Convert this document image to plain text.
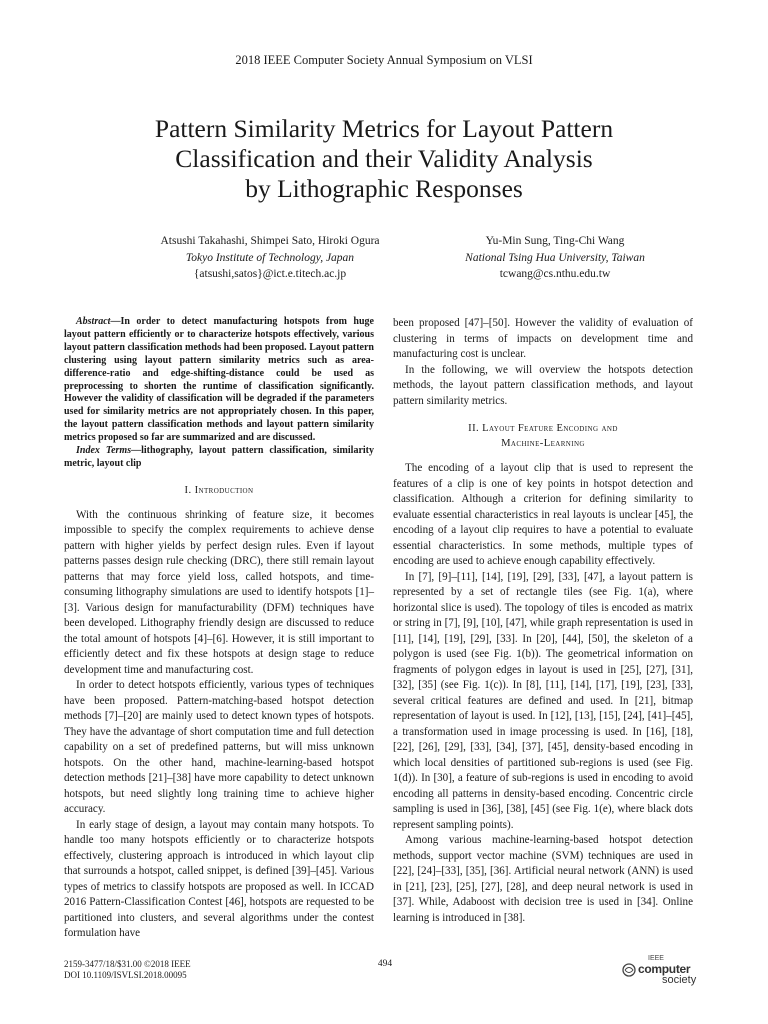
2018 IEEE Computer Society Annual Symposium on VLSI
Pattern Similarity Metrics for Layout Pattern
Classification and their Validity Analysis
by Lithographic Responses
Atsushi Takahashi, Shimpei Sato, Hiroki Ogura
Tokyo Institute of Technology, Japan
{atsushi,satos}@ict.e.titech.ac.jp
Yu-Min Sung, Ting-Chi Wang
National Tsing Hua University, Taiwan
tcwang@cs.nthu.edu.tw

Abstract—In order to detect manufacturing hotspots from huge layout pattern efficiently or to characterize hotspots effectively, various layout pattern classification methods had been proposed. Layout pattern clustering using layout pattern similarity metrics such as area-difference-ratio and edge-shifting-distance could be used as preprocessing to shorten the runtime of classification significantly. However the validity of classification will be degraded if the parameters used for similarity metrics are not appropriately chosen. In this paper, the layout pattern classification methods and layout pattern similarity metrics proposed so far are summarized and are discussed.

Index Terms—lithography, layout pattern classification, similarity metric, layout clip

I. Introduction

With the continuous shrinking of feature size, it becomes impossible to specify the complex requirements to achieve dense pattern with higher yields by perfect design rules. Even if layout patterns passes design rule checking (DRC), there still remain layout patterns that may force yield loss, called hotspots, and time-consuming lithography simulations are used to identify hotspots [1]–[3]. Various design for manufacturability (DFM) techniques have been developed. Lithography friendly design are discussed to reduce the total amount of hotspots [4]–[6]. However, it is still important to efficiently detect and fix these hotspots at design stage to reduce development time and manufacturing cost.

In order to detect hotspots efficiently, various types of techniques have been proposed. Pattern-matching-based hotspot detection methods [7]–[20] are mainly used to detect known types of hotspots. They have the advantage of short computation time and full detection capability on a set of predefined patterns, but will miss unknown hotspots. On the other hand, machine-learning-based hotspot detection methods [21]–[38] have more capability to detect unknown hotspots, but need slightly long training time to achieve higher accuracy.

In early stage of design, a layout may contain many hotspots. To handle too many hotspots efficiently or to characterize hotspots effectively, clustering approach is introduced in which layout clip that surrounds a hotspot, called snippet, is defined [39]–[45]. Various types of metrics to classify hotspots are proposed as well. In ICCAD 2016 Pattern-Classification Contest [46], hotspots are requested to be partitioned into clusters, and several algorithms under the contest formulation have

been proposed [47]–[50]. However the validity of evaluation of clustering in terms of impacts on development time and manufacturing cost is unclear.

In the following, we will overview the hotspots detection methods, the layout pattern classification methods, and layout pattern similarity metrics.

II. Layout Feature Encoding and
Machine-Learning

The encoding of a layout clip that is used to represent the features of a clip is one of key points in hotspot detection and classification. Although a criterion for defining similarity to evaluate essential characteristics in real layouts is unclear [45], the encoding of a layout clip requires to have a potential to evaluate essential characteristics. In some methods, multiple types of encoding are used to achieve enough capability effectively.

In [7], [9]–[11], [14], [19], [29], [33], [47], a layout pattern is represented by a set of rectangle tiles (see Fig. 1(a), where horizontal slice is used). The topology of tiles is encoded as matrix or string in [7], [9], [10], [47], while graph representation is used in [11], [14], [19], [29], [33]. In [20], [44], [50], the skeleton of a polygon is used (see Fig. 1(b)). The geometrical information on fragments of polygon edges in layout is used in [25], [27], [31], [32], [35] (see Fig. 1(c)). In [8], [11], [14], [17], [19], [23], [33], several critical features are defined and used. In [21], bitmap representation of layout is used. In [12], [13], [15], [24], [41]–[45], a transformation used in image processing is used. In [16], [18], [22], [26], [29], [33], [34], [37], [45], density-based encoding in which local densities of partitioned sub-regions is used (see Fig. 1(d)). In [30], a feature of sub-regions is used in encoding to avoid encoding all patterns in density-based encoding. Concentric circle sampling is used in [36], [38], [45] (see Fig. 1(e), where black dots represent sampling points).

Among various machine-learning-based hotspot detection methods, support vector machine (SVM) techniques are used in [22], [24]–[33], [35], [36]. Artificial neural network (ANN) is used in [21], [23], [25], [27], [28], and deep neural network is used in [37]. While, Adaboost with decision tree is used in [34]. Online learning is introduced in [38].

2159-3477/18/$31.00 ©2018 IEEE
DOI 10.1109/ISVLSI.2018.00095
494
IEEE
computer
society
